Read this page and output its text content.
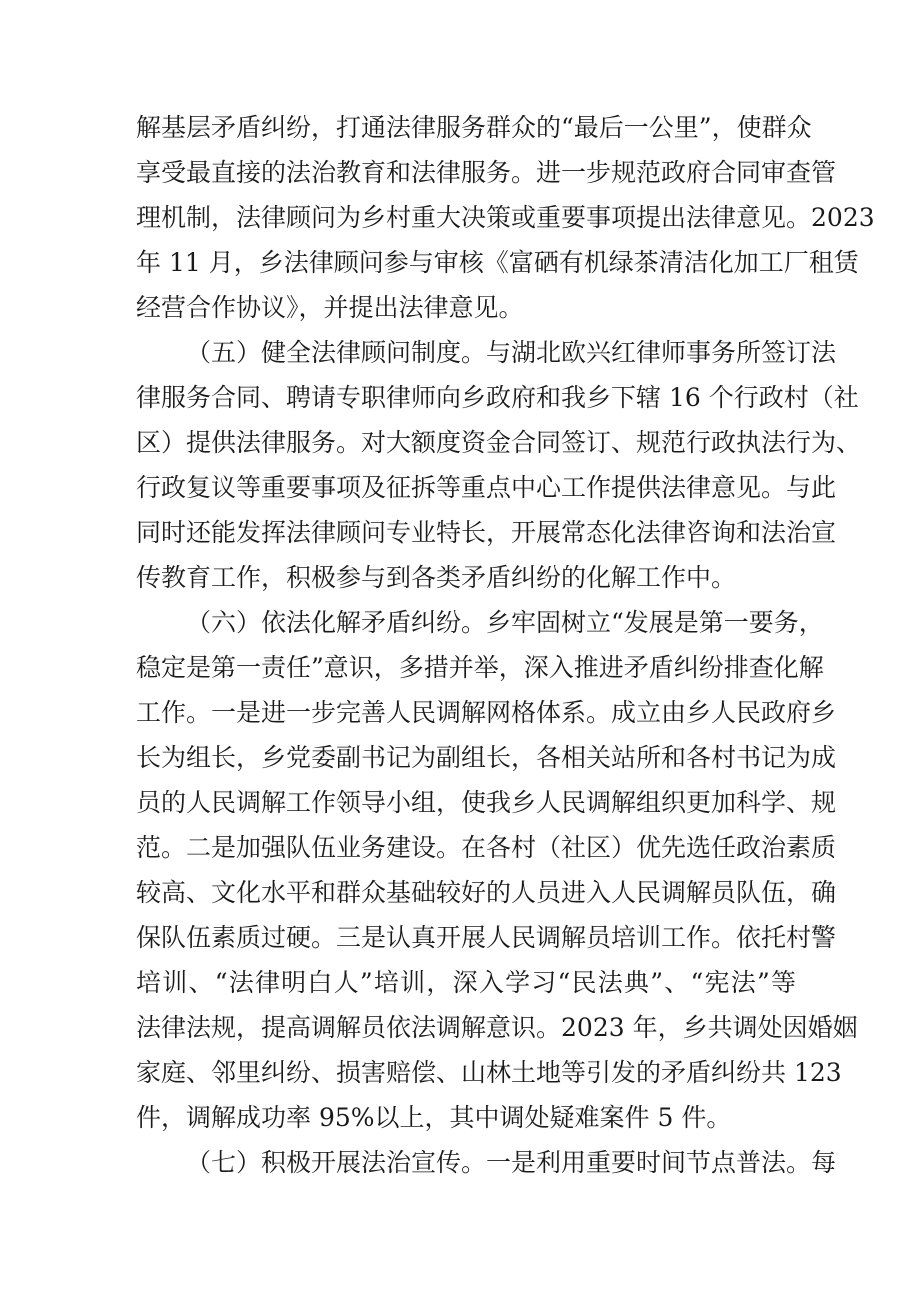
解基层矛盾纠纷，打通法律服务群众的“最后一公里”，使群众
享受最直接的法治教育和法律服务。进一步规范政府合同审查管
理机制，法律顾问为乡村重大决策或重要事项提出法律意见。2023
年 11 月，乡法律顾问参与审核《富硒有机绿茶清洁化加工厂租赁
经营合作协议》，并提出法律意见。
（五）健全法律顾问制度。与湖北欧兴红律师事务所签订法
律服务合同、聘请专职律师向乡政府和我乡下辖 16 个行政村（社
区）提供法律服务。对大额度资金合同签订、规范行政执法行为、
行政复议等重要事项及征拆等重点中心工作提供法律意见。与此
同时还能发挥法律顾问专业特长，开展常态化法律咨询和法治宣
传教育工作，积极参与到各类矛盾纠纷的化解工作中。
（六）依法化解矛盾纠纷。乡牢固树立“发展是第一要务，
稳定是第一责任”意识，多措并举，深入推进矛盾纠纷排查化解
工作。一是进一步完善人民调解网格体系。成立由乡人民政府乡
长为组长，乡党委副书记为副组长，各相关站所和各村书记为成
员的人民调解工作领导小组，使我乡人民调解组织更加科学、规
范。二是加强队伍业务建设。在各村（社区）优先选任政治素质
较高、文化水平和群众基础较好的人员进入人民调解员队伍，确
保队伍素质过硬。三是认真开展人民调解员培训工作。依托村警
培训、“法律明白人”培训，深入学习“民法典”、“宪法”等
法律法规，提高调解员依法调解意识。2023 年，乡共调处因婚姻
家庭、邻里纠纷、损害赔偿、山林土地等引发的矛盾纠纷共 123
件，调解成功率 95%以上，其中调处疑难案件 5 件。
（七）积极开展法治宣传。一是利用重要时间节点普法。每
